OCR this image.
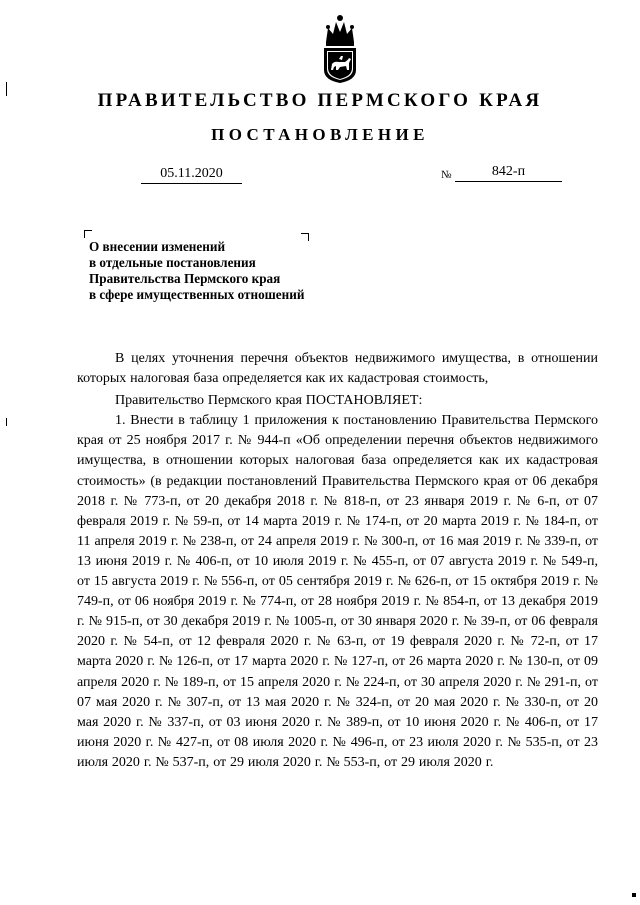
ПРАВИТЕЛЬСТВО ПЕРМСКОГО КРАЯ
ПОСТАНОВЛЕНИЕ
05.11.2020	№	842-п
О внесении изменений
в отдельные постановления
Правительства Пермского края
в сфере имущественных отношений

В целях уточнения перечня объектов недвижимого имущества, в отношении которых налоговая база определяется как их кадастровая стоимость,

Правительство Пермского края ПОСТАНОВЛЯЕТ:

1. Внести в таблицу 1 приложения к постановлению Правительства Пермского края от 25 ноября 2017 г. № 944-п «Об определении перечня объектов недвижимого имущества, в отношении которых налоговая база определяется как их кадастровая стоимость» (в редакции постановлений Правительства Пермского края от 06 декабря 2018 г. № 773-п, от 20 декабря 2018 г. № 818-п, от 23 января 2019 г. № 6-п, от 07 февраля 2019 г. № 59-п, от 14 марта 2019 г. № 174-п, от 20 марта 2019 г. № 184-п, от 11 апреля 2019 г. № 238-п, от 24 апреля 2019 г. № 300-п, от 16 мая 2019 г. № 339-п, от 13 июня 2019 г. № 406-п, от 10 июля 2019 г. № 455-п, от 07 августа 2019 г. № 549-п, от 15 августа 2019 г. № 556-п, от 05 сентября 2019 г. № 626-п, от 15 октября 2019 г. № 749-п, от 06 ноября 2019 г. № 774-п, от 28 ноября 2019 г. № 854-п, от 13 декабря 2019 г. № 915-п, от 30 декабря 2019 г. № 1005-п, от 30 января 2020 г. № 39-п, от 06 февраля 2020 г. № 54-п, от 12 февраля 2020 г. № 63-п, от 19 февраля 2020 г. № 72-п, от 17 марта 2020 г. № 126-п, от 17 марта 2020 г. № 127-п, от 26 марта 2020 г. № 130-п, от 09 апреля 2020 г. № 189-п, от 15 апреля 2020 г. № 224-п, от 30 апреля 2020 г. № 291-п, от 07 мая 2020 г. № 307-п, от 13 мая 2020 г. № 324-п, от 20 мая 2020 г. № 330-п, от 20 мая 2020 г. № 337-п, от 03 июня 2020 г. № 389-п, от 10 июня 2020 г. № 406-п, от 17 июня 2020 г. № 427-п, от 08 июля 2020 г. № 496-п, от 23 июля 2020 г. № 535-п, от 23 июля 2020 г. № 537-п, от 29 июля 2020 г. № 553-п, от 29 июля 2020 г.
